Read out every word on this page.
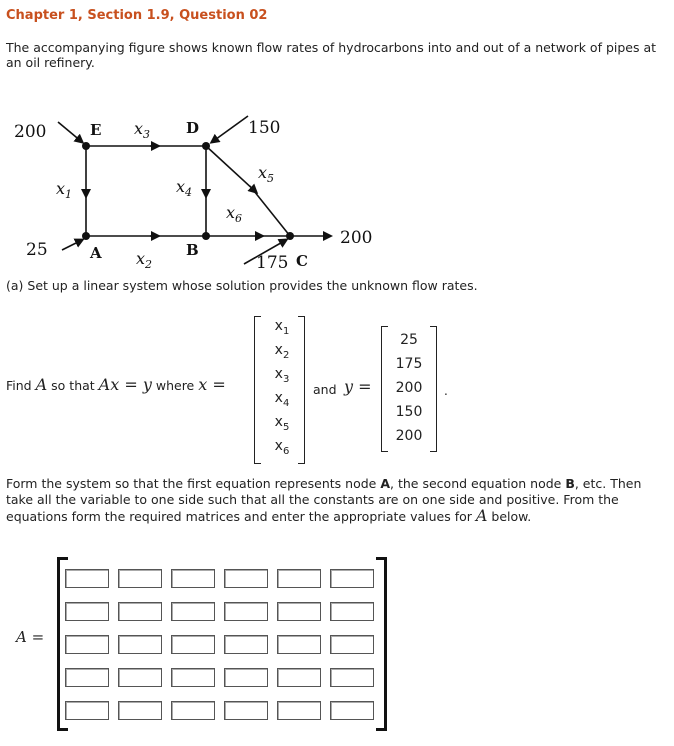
Chapter 1, Section 1.9, Question 02
The accompanying figure shows known flow rates of hydrocarbons into and out of a network of pipes at an oil refinery.
200	E	D	150
200
25	A	B
175 C
$x_3$
$x_1$	$x_4$
$x_5$
$x_6$
$x_2$
(a) Set up a linear system whose solution provides the unknown flow rates.
Find A so that Ax = y where x =
$x_1$
$x_2$
$x_3$
$x_4$
$x_5$
$x_6$
and y =
25
175
200
150
200
.
Form the system so that the first equation represents node A, the second equation node B, etc. Then take all the variable to one side such that all the constants are on one side and positive. From the equations form the required matrices and enter the appropriate values for A below.
A =
